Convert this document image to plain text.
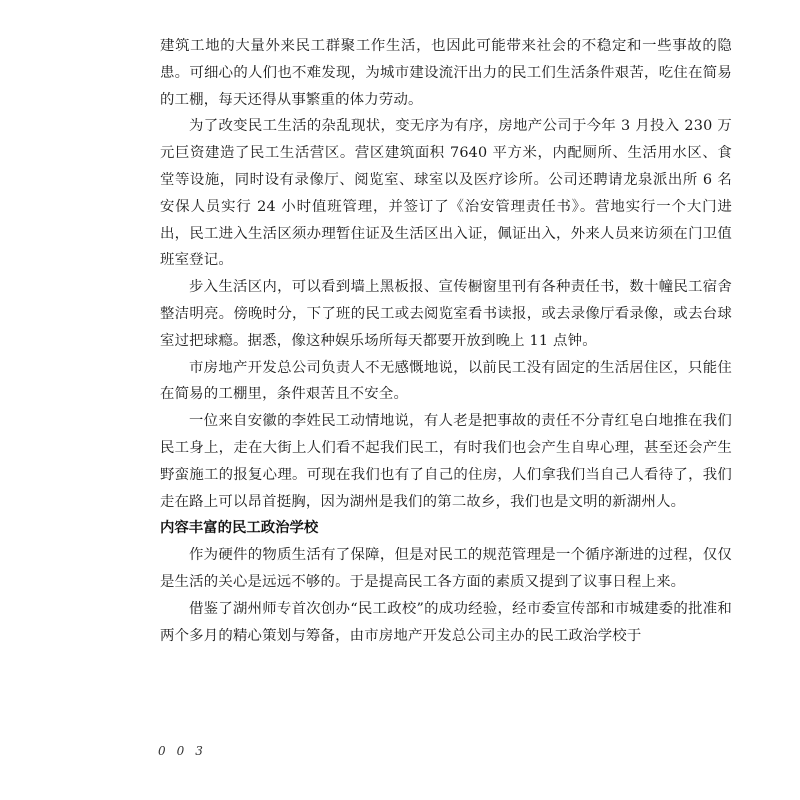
建筑工地的大量外来民工群聚工作生活，也因此可能带来社会的不稳定和一些事故的隐患。可细心的人们也不难发现，为城市建设流汗出力的民工们生活条件艰苦，吃住在简易的工棚，每天还得从事繁重的体力劳动。

为了改变民工生活的杂乱现状，变无序为有序，房地产公司于今年 3 月投入 230 万元巨资建造了民工生活营区。营区建筑面积 7640 平方米，内配厕所、生活用水区、食堂等设施，同时设有录像厅、阅览室、球室以及医疗诊所。公司还聘请龙泉派出所 6 名安保人员实行 24 小时值班管理，并签订了《治安管理责任书》。营地实行一个大门进出，民工进入生活区须办理暂住证及生活区出入证，佩证出入，外来人员来访须在门卫值班室登记。

步入生活区内，可以看到墙上黑板报、宣传橱窗里刊有各种责任书，数十幢民工宿舍整洁明亮。傍晚时分，下了班的民工或去阅览室看书读报，或去录像厅看录像，或去台球室过把球瘾。据悉，像这种娱乐场所每天都要开放到晚上 11 点钟。

市房地产开发总公司负责人不无感慨地说，以前民工没有固定的生活居住区，只能住在简易的工棚里，条件艰苦且不安全。

一位来自安徽的李姓民工动情地说，有人老是把事故的责任不分青红皂白地推在我们民工身上，走在大街上人们看不起我们民工，有时我们也会产生自卑心理，甚至还会产生野蛮施工的报复心理。可现在我们也有了自己的住房，人们拿我们当自己人看待了，我们走在路上可以昂首挺胸，因为湖州是我们的第二故乡，我们也是文明的新湖州人。

内容丰富的民工政治学校

作为硬件的物质生活有了保障，但是对民工的规范管理是一个循序渐进的过程，仅仅是生活的关心是远远不够的。于是提高民工各方面的素质又提到了议事日程上来。

借鉴了湖州师专首次创办“民工政校”的成功经验，经市委宣传部和市城建委的批准和两个多月的精心策划与筹备，由市房地产开发总公司主办的民工政治学校于

003
